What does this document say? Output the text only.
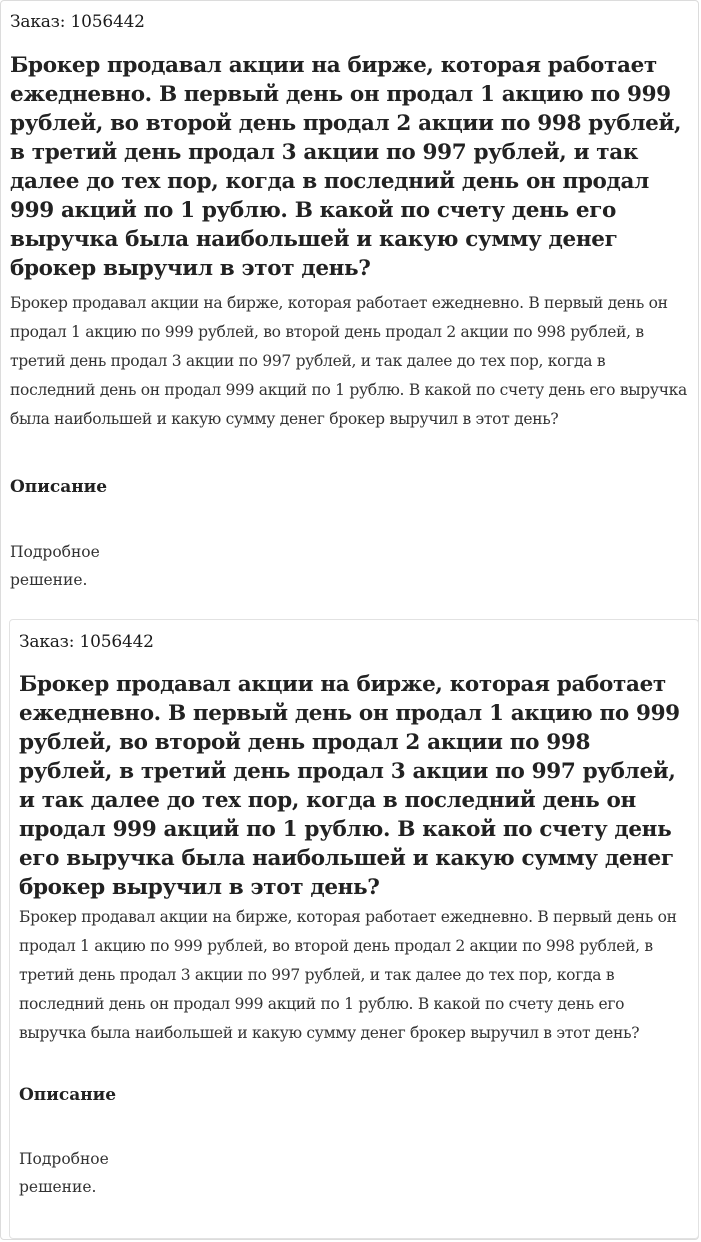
Заказ: 1056442
Брокер продавал акции на бирже, которая работает ежедневно. В первый день он продал 1 акцию по 999 рублей, во второй день продал 2 акции по 998 рублей, в третий день продал 3 акции по 997 рублей, и так далее до тех пор, когда в последний день он продал 999 акций по 1 рублю. В какой по счету день его выручка была наибольшей и какую сумму денег брокер выручил в этот день?

Брокер продавал акции на бирже, которая работает ежедневно. В первый день он продал 1 акцию по 999 рублей, во второй день продал 2 акции по 998 рублей, в третий день продал 3 акции по 997 рублей, и так далее до тех пор, когда в последний день он продал 999 акций по 1 рублю. В какой по счету день его выручка была наибольшей и какую сумму денег брокер выручил в этот день?

Описание
Подробное решение.
Заказ: 1056442
Брокер продавал акции на бирже, которая работает ежедневно. В первый день он продал 1 акцию по 999 рублей, во второй день продал 2 акции по 998 рублей, в третий день продал 3 акции по 997 рублей, и так далее до тех пор, когда в последний день он продал 999 акций по 1 рублю. В какой по счету день его выручка была наибольшей и какую сумму денег брокер выручил в этот день?

Брокер продавал акции на бирже, которая работает ежедневно. В первый день он продал 1 акцию по 999 рублей, во второй день продал 2 акции по 998 рублей, в третий день продал 3 акции по 997 рублей, и так далее до тех пор, когда в последний день он продал 999 акций по 1 рублю. В какой по счету день его выручка была наибольшей и какую сумму денег брокер выручил в этот день?

Описание
Подробное решение.
